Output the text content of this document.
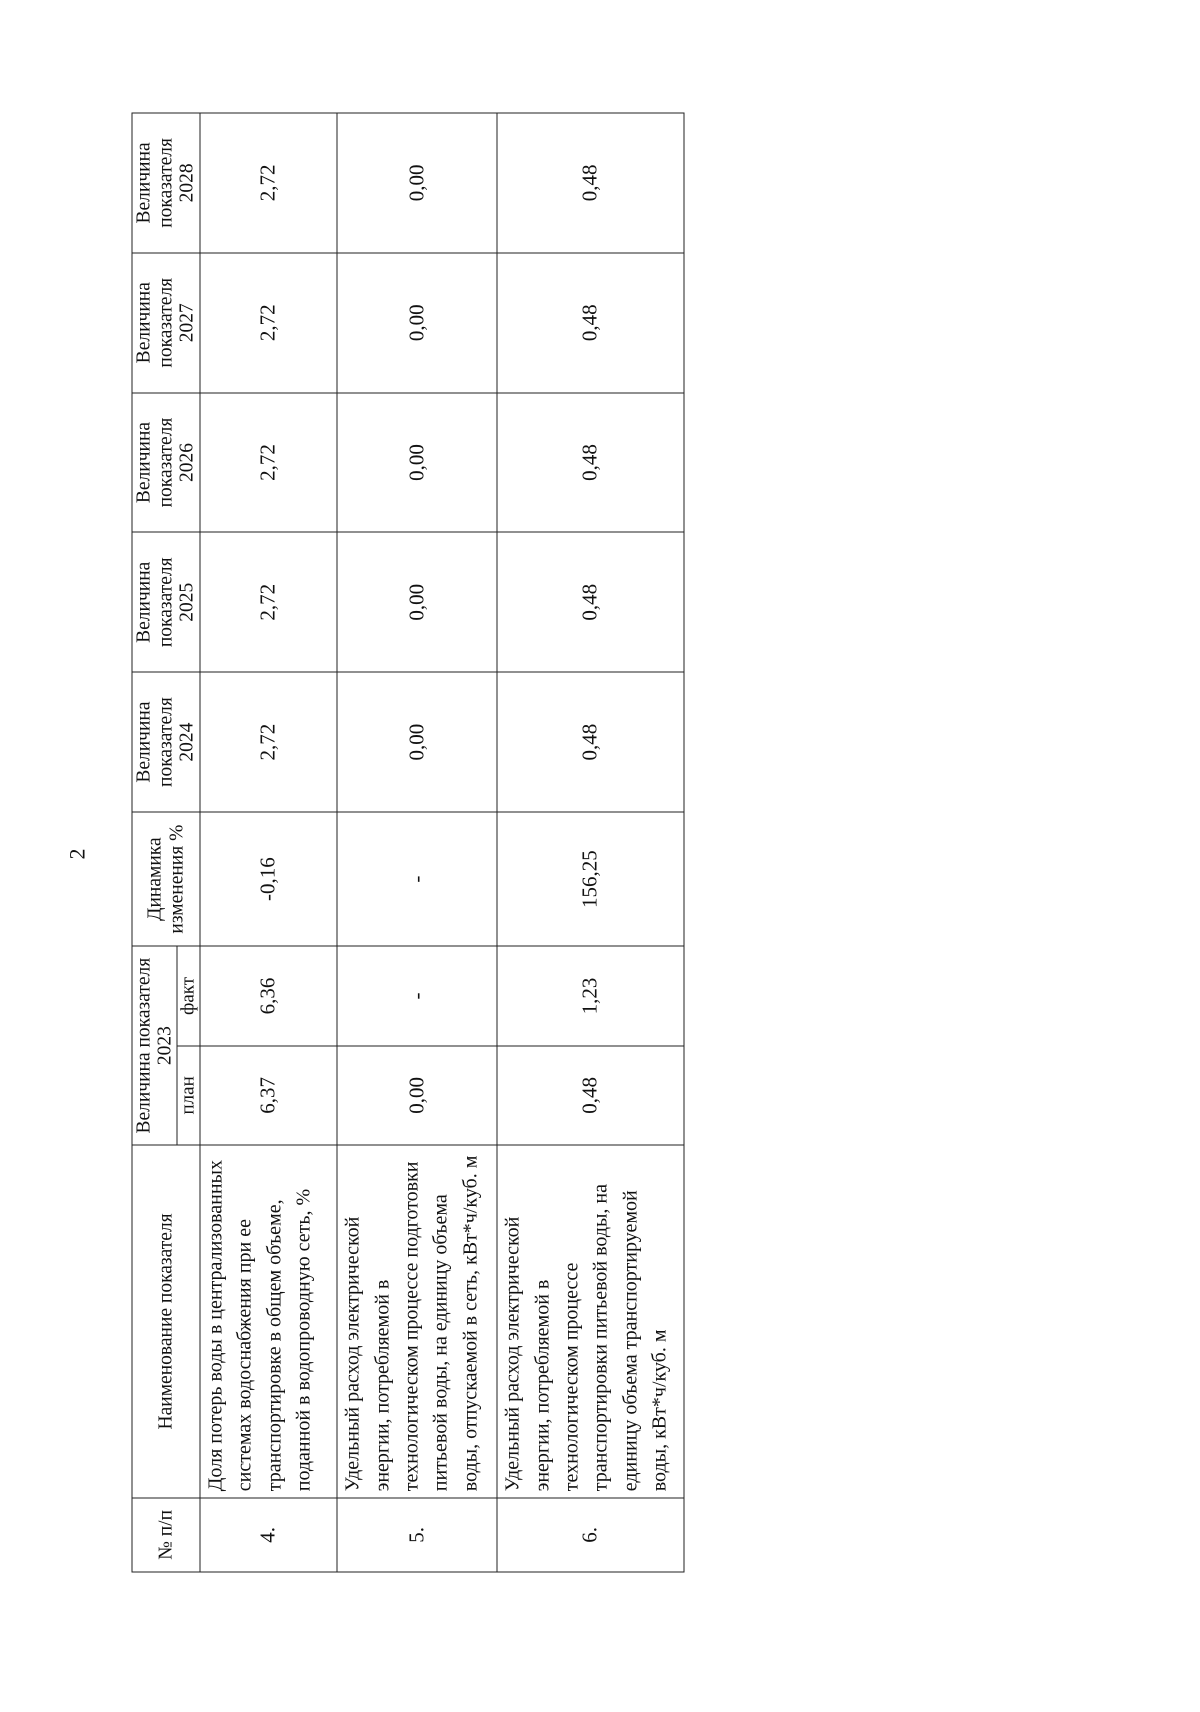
2
№ п/п	Наименование показателя	Величина показателя 2023		Динамика изменения %	Величина показателя 2024	Величина показателя 2025	Величина показателя 2026	Величина показателя 2027	Величина показателя 2028
		план	факт						
4.	Доля потерь воды в централизованных системах водоснабжения при ее транспортировке в общем объеме, поданной в водопроводную сеть, %	6,37	6,36	-0,16	2,72	2,72	2,72	2,72	2,72
5.	Удельный расход электрической энергии, потребляемой в технологическом процессе подготовки питьевой воды, на единицу объема воды, отпускаемой в сеть, кВт*ч/куб. м	0,00	-	-	0,00	0,00	0,00	0,00	0,00
6.	Удельный расход электрической энергии, потребляемой в технологическом процессе транспортировки питьевой воды, на единицу объема транспортируемой воды, кВт*ч/куб. м	0,48	1,23	156,25	0,48	0,48	0,48	0,48	0,48
